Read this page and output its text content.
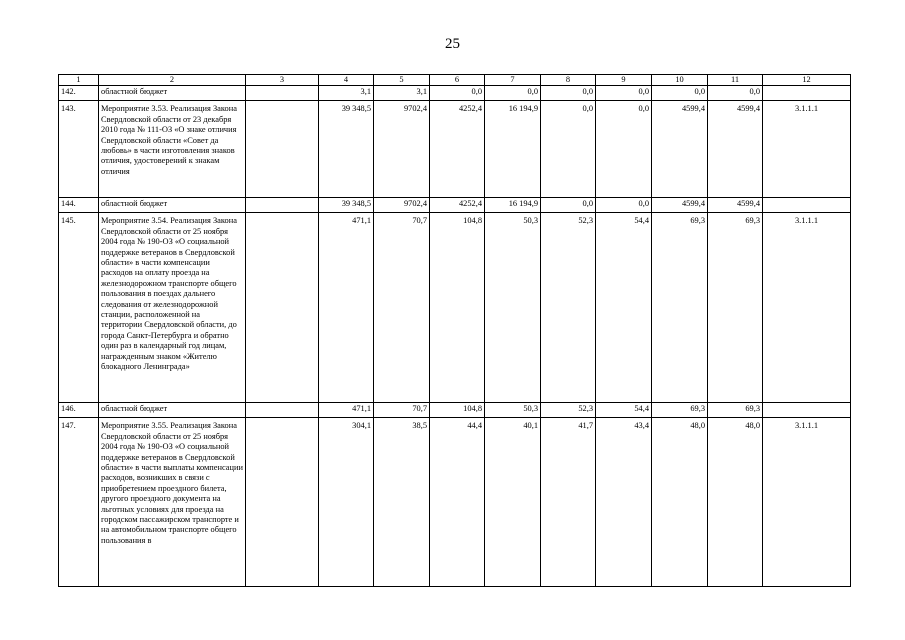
25
1	2	3	4	5	6	7	8	9	10	11	12
142.	областной бюджет		3,1	3,1	0,0	0,0	0,0	0,0	0,0	0,0	
143.	Мероприятие 3.53. Реализация Закона Свердловской области от 23 декабря 2010 года № 111-ОЗ «О знаке отличия Свердловской области «Совет да любовь» в части изготовления знаков отличия, удостоверений к знакам отличия		39 348,5	9702,4	4252,4	16 194,9	0,0	0,0	4599,4	4599,4	3.1.1.1
144.	областной бюджет		39 348,5	9702,4	4252,4	16 194,9	0,0	0,0	4599,4	4599,4	
145.	Мероприятие 3.54. Реализация Закона Свердловской области от 25 ноября 2004 года № 190-ОЗ «О социальной поддержке ветеранов в Свердловской области» в части компенсации расходов на оплату проезда на железнодорожном транспорте общего пользования в поездах дальнего следования от железнодорожной станции, расположенной на территории Свердловской области, до города Санкт-Петербурга и обратно один раз в календарный год лицам, награжденным знаком «Жителю блокадного Ленинграда»		471,1	70,7	104,8	50,3	52,3	54,4	69,3	69,3	3.1.1.1
146.	областной бюджет		471,1	70,7	104,8	50,3	52,3	54,4	69,3	69,3	
147.	Мероприятие 3.55. Реализация Закона Свердловской области от 25 ноября 2004 года № 190-ОЗ «О социальной поддержке ветеранов в Свердловской области» в части выплаты компенсации расходов, возникших в связи с приобретением проездного билета, другого проездного документа на льготных условиях для проезда на городском пассажирском транспорте и на автомобильном транспорте общего пользования в		304,1	38,5	44,4	40,1	41,7	43,4	48,0	48,0	3.1.1.1
